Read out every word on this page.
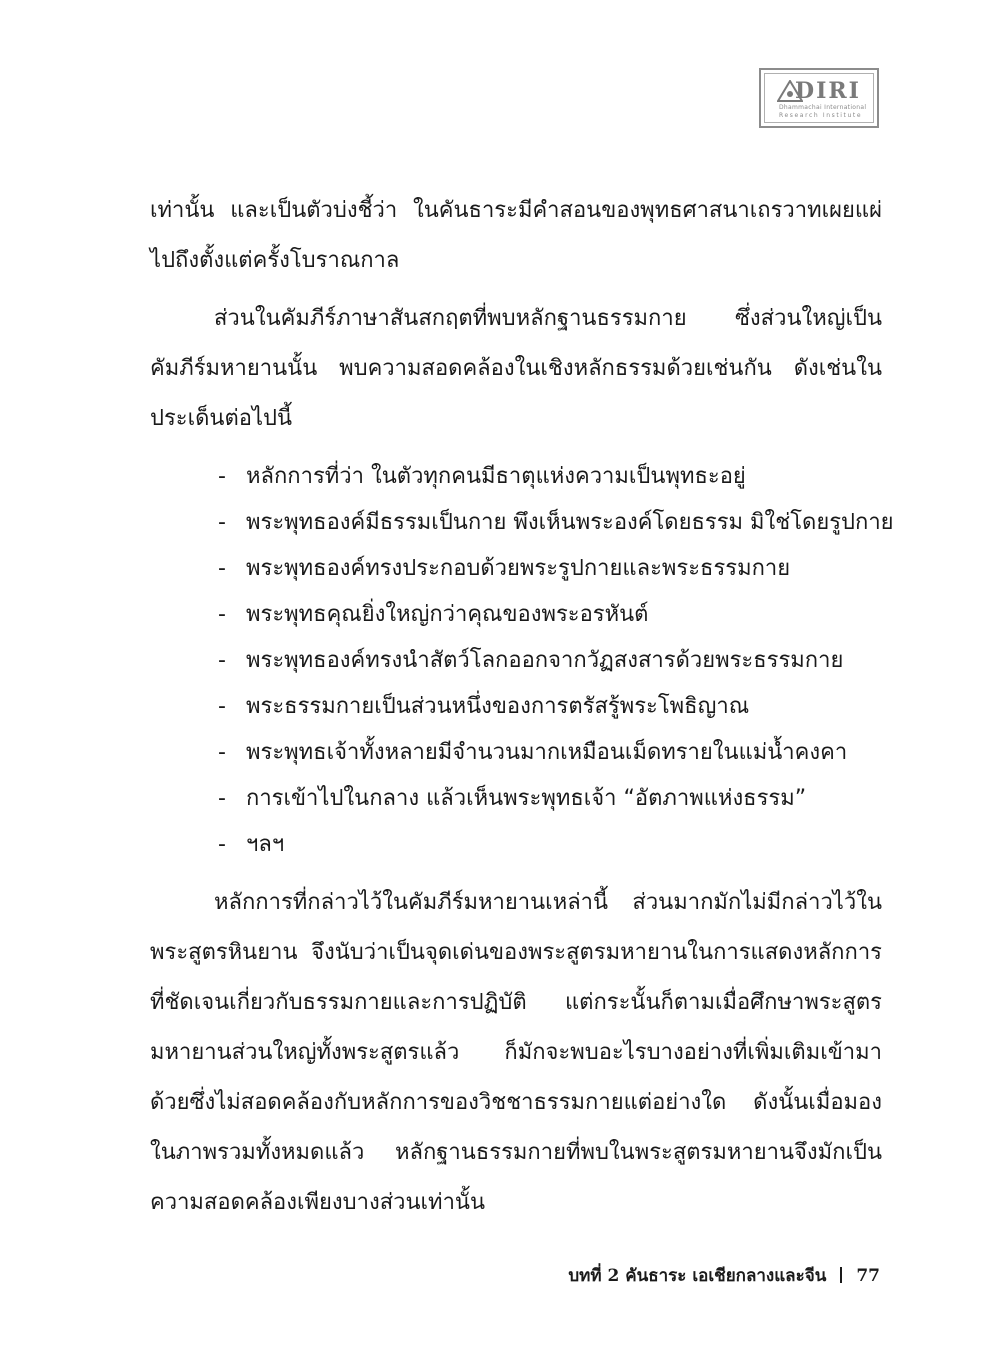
DIRI
Dhammachai International
Research Institute

เท่านั้น และเป็นตัวบ่งชี้ว่า ในคันธาระมีคำสอนของพุทธศาสนาเถรวาทเผยแผ่ไปถึงตั้งแต่ครั้งโบราณกาล

ส่วนในคัมภีร์ภาษาสันสกฤตที่พบหลักฐานธรรมกาย ซึ่งส่วนใหญ่เป็นคัมภีร์มหายานนั้น พบความสอดคล้องในเชิงหลักธรรมด้วยเช่นกัน ดังเช่นในประเด็นต่อไปนี้

- หลักการที่ว่า ในตัวทุกคนมีธาตุแห่งความเป็นพุทธะอยู่
- พระพุทธองค์มีธรรมเป็นกาย พึงเห็นพระองค์โดยธรรม มิใช่โดยรูปกาย
- พระพุทธองค์ทรงประกอบด้วยพระรูปกายและพระธรรมกาย
- พระพุทธคุณยิ่งใหญ่กว่าคุณของพระอรหันต์
- พระพุทธองค์ทรงนำสัตว์โลกออกจากวัฏสงสารด้วยพระธรรมกาย
- พระธรรมกายเป็นส่วนหนึ่งของการตรัสรู้พระโพธิญาณ
- พระพุทธเจ้าทั้งหลายมีจำนวนมากเหมือนเม็ดทรายในแม่น้ำคงคา
- การเข้าไปในกลาง แล้วเห็นพระพุทธเจ้า “อัตภาพแห่งธรรม”
- ฯลฯ

หลักการที่กล่าวไว้ในคัมภีร์มหายานเหล่านี้ ส่วนมากมักไม่มีกล่าวไว้ในพระสูตรหินยาน จึงนับว่าเป็นจุดเด่นของพระสูตรมหายานในการแสดงหลักการที่ชัดเจนเกี่ยวกับธรรมกายและการปฏิบัติ แต่กระนั้นก็ตามเมื่อศึกษาพระสูตรมหายานส่วนใหญ่ทั้งพระสูตรแล้ว ก็มักจะพบอะไรบางอย่างที่เพิ่มเติมเข้ามาด้วยซึ่งไม่สอดคล้องกับหลักการของวิชชาธรรมกายแต่อย่างใด ดังนั้นเมื่อมองในภาพรวมทั้งหมดแล้ว หลักฐานธรรมกายที่พบในพระสูตรมหายานจึงมักเป็นความสอดคล้องเพียงบางส่วนเท่านั้น

บทที่ 2 คันธาระ เอเชียกลางและจีน 77
